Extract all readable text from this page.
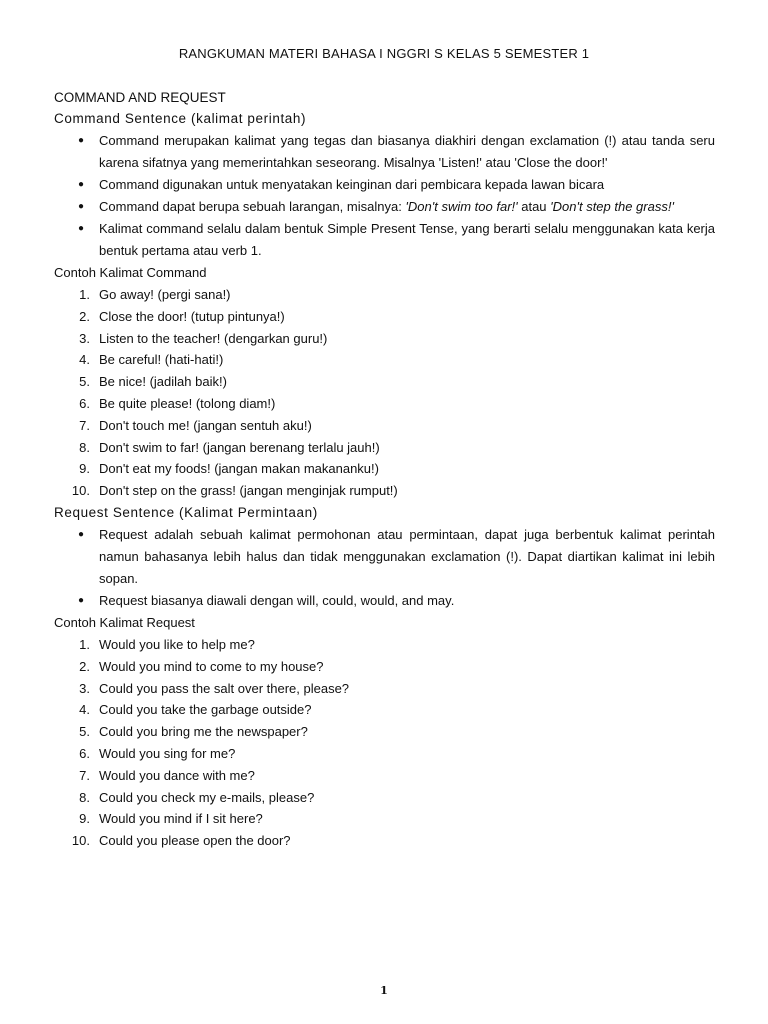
RANGKUMAN MATERI BAHASA I NGGRI S KELAS 5 SEMESTER 1
COMMAND AND REQUEST
Command Sentence (kalimat perintah)
● Command merupakan kalimat yang tegas dan biasanya diakhiri dengan exclamation (!) atau tanda seru karena sifatnya yang memerintahkan seseorang. Misalnya 'Listen!' atau 'Close the door!'
● Command digunakan untuk menyatakan keinginan dari pembicara kepada lawan bicara
● Command dapat berupa sebuah larangan, misalnya: 'Don't swim too far!' atau 'Don't step the grass!'
● Kalimat command selalu dalam bentuk Simple Present Tense, yang berarti selalu menggunakan kata kerja bentuk pertama atau verb 1.
Contoh Kalimat Command
1. Go away! (pergi sana!)
2. Close the door! (tutup pintunya!)
3. Listen to the teacher! (dengarkan guru!)
4. Be careful! (hati-hati!)
5. Be nice! (jadilah baik!)
6. Be quite please! (tolong diam!)
7. Don't touch me! (jangan sentuh aku!)
8. Don't swim to far! (jangan berenang terlalu jauh!)
9. Don't eat my foods! (jangan makan makananku!)
10. Don't step on the grass! (jangan menginjak rumput!)
Request Sentence (Kalimat Permintaan)
● Request adalah sebuah kalimat permohonan atau permintaan, dapat juga berbentuk kalimat perintah namun bahasanya lebih halus dan tidak menggunakan exclamation (!). Dapat diartikan kalimat ini lebih sopan.
● Request biasanya diawali dengan will, could, would, and may.
Contoh Kalimat Request
1. Would you like to help me?
2. Would you mind to come to my house?
3. Could you pass the salt over there, please?
4. Could you take the garbage outside?
5. Could you bring me the newspaper?
6. Would you sing for me?
7. Would you dance with me?
8. Could you check my e-mails, please?
9. Would you mind if I sit here?
10. Could you please open the door?
1
